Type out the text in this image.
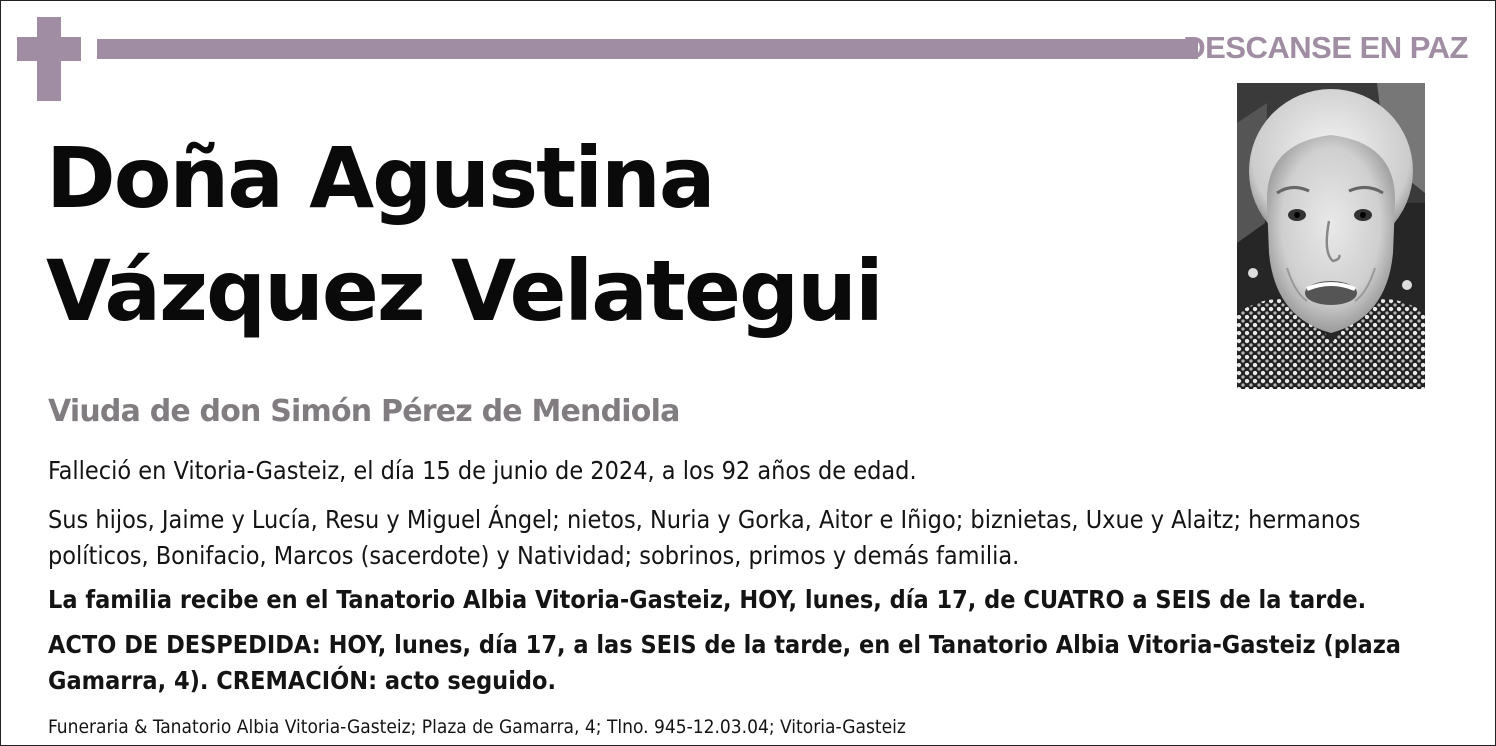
DESCANSE EN PAZ
Doña Agustina
Vázquez Velategui
Viuda de don Simón Pérez de Mendiola

Falleció en Vitoria-Gasteiz, el día 15 de junio de 2024, a los 92 años de edad.

Sus hijos, Jaime y Lucía, Resu y Miguel Ángel; nietos, Nuria y Gorka, Aitor e Iñigo; biznietas, Uxue y Alaitz; hermanos políticos, Bonifacio, Marcos (sacerdote) y Natividad; sobrinos, primos y demás familia.

La familia recibe en el Tanatorio Albia Vitoria-Gasteiz, HOY, lunes, día 17, de CUATRO a SEIS de la tarde.

ACTO DE DESPEDIDA: HOY, lunes, día 17, a las SEIS de la tarde, en el Tanatorio Albia Vitoria-Gasteiz (plaza Gamarra, 4). CREMACIÓN: acto seguido.

Funeraria & Tanatorio Albia Vitoria-Gasteiz; Plaza de Gamarra, 4; Tlno. 945-12.03.04; Vitoria-Gasteiz
